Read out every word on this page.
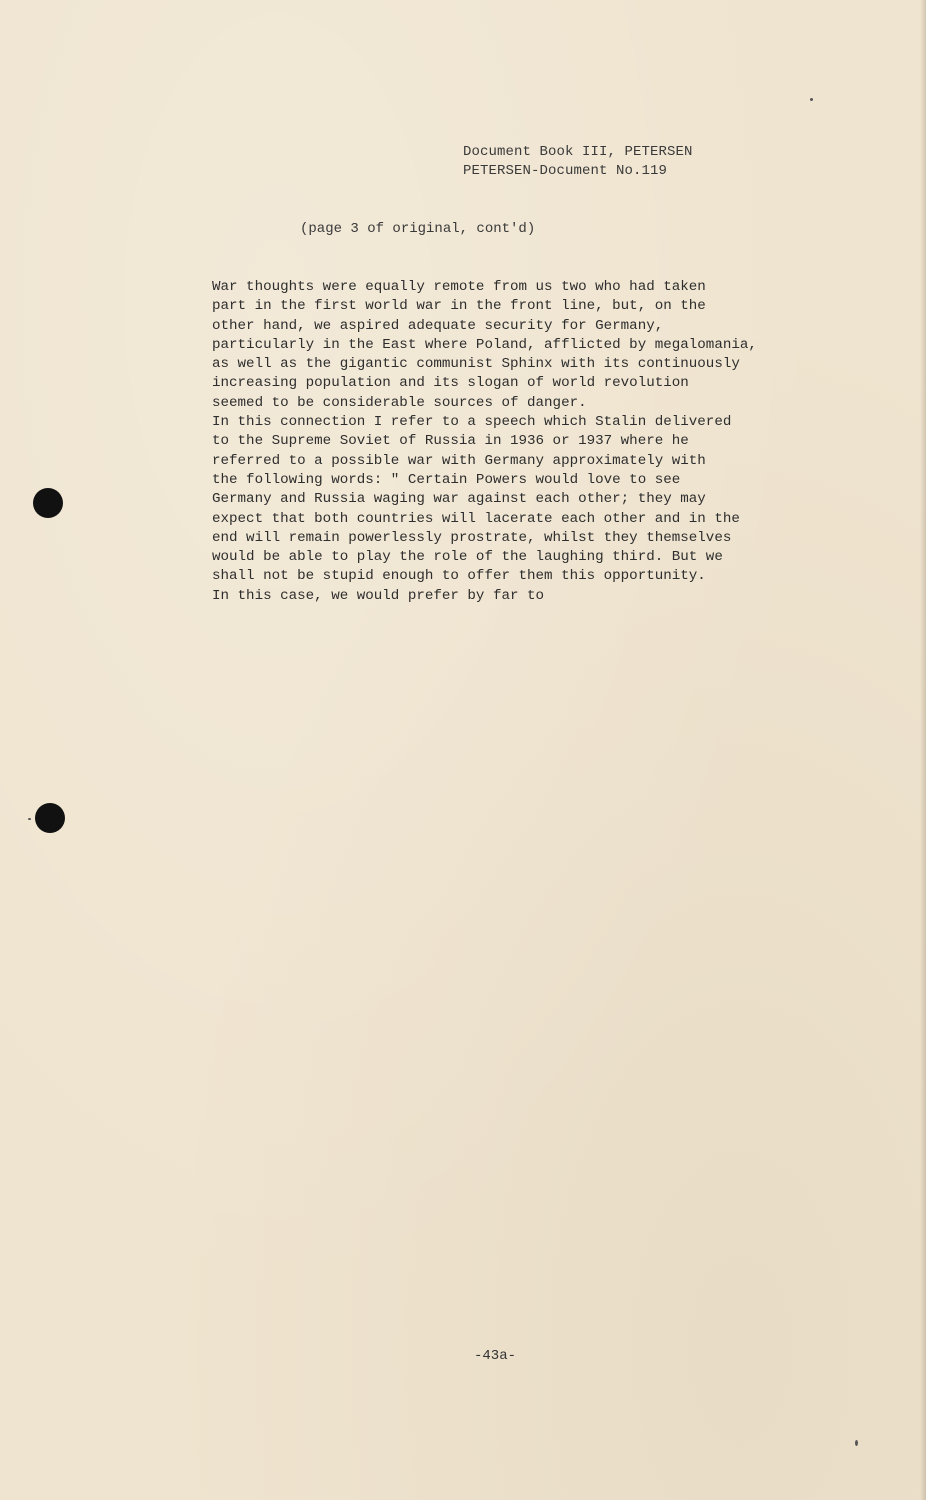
Document Book III, PETERSEN
PETERSEN-Document No.119
(page 3 of original, cont'd)
War thoughts were equally remote from us two who had taken
part in the first world war in the front line, but, on the
other hand, we aspired adequate security for Germany,
particularly in the East where Poland, afflicted by megalomania,
as well as the gigantic communist Sphinx with its continuously
increasing population and its slogan of world revolution
seemed to be considerable sources of danger.
In this connection I refer to a speech which Stalin delivered
to the Supreme Soviet of Russia in 1936 or 1937 where he
referred to a possible war with Germany approximately with
the following words: " Certain Powers would love to see
Germany and Russia waging war against each other; they may
expect that both countries will lacerate each other and in the
end will remain powerlessly prostrate, whilst they themselves
would be able to play the role of the laughing third. But we
shall not be stupid enough to offer them this opportunity.
In this case, we would prefer by far to
-43a-
